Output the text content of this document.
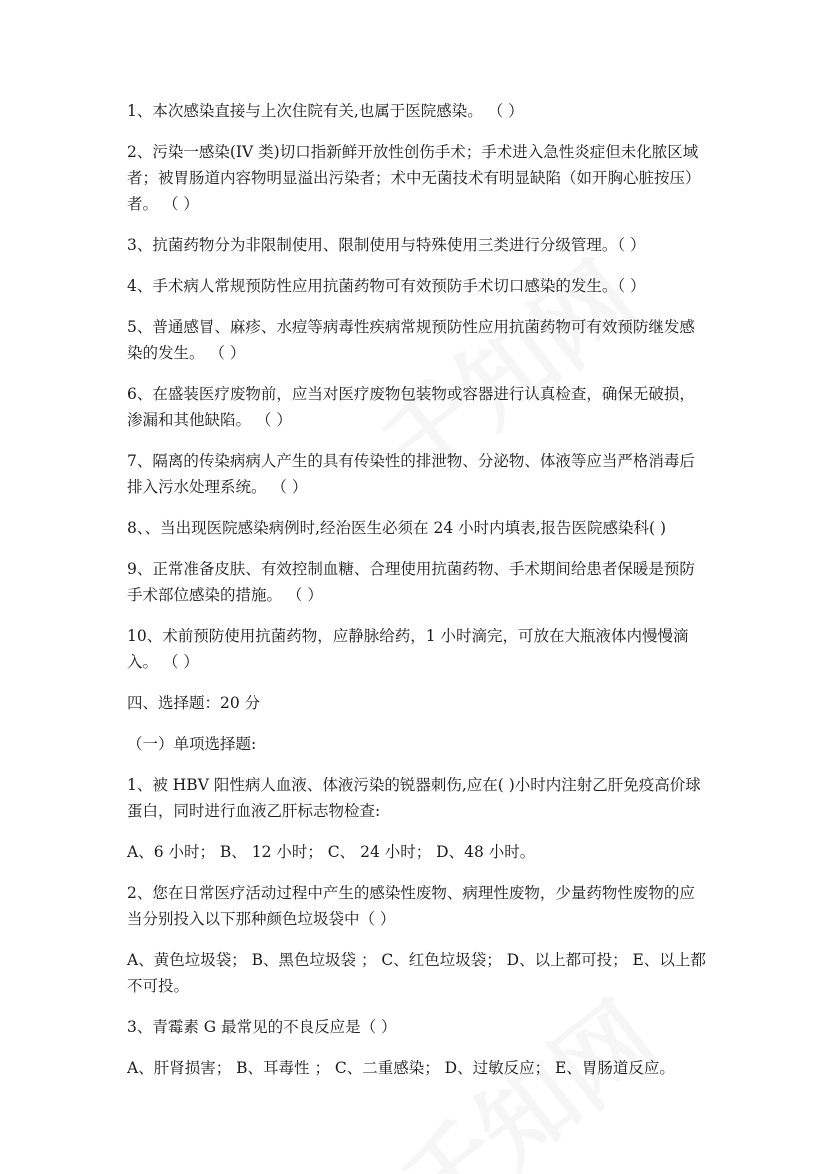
1、本次感染直接与上次住院有关,也属于医院感染。 （ ）

2、污染一感染(IV 类)切口指新鲜开放性创伤手术；手术进入急性炎症但未化脓区域者；被胃肠道内容物明显溢出污染者；术中无菌技术有明显缺陷（如开胸心脏按压）者。 （ ）

3、抗菌药物分为非限制使用、限制使用与特殊使用三类进行分级管理。（ ）

4、手术病人常规预防性应用抗菌药物可有效预防手术切口感染的发生。（ ）

5、普通感冒、麻疹、水痘等病毒性疾病常规预防性应用抗菌药物可有效预防继发感染的发生。 （ ）

6、在盛装医疗废物前，应当对医疗废物包装物或容器进行认真检查，确保无破损，渗漏和其他缺陷。 （ ）

7、隔离的传染病病人产生的具有传染性的排泄物、分泌物、体液等应当严格消毒后排入污水处理系统。 （ ）

8、、当出现医院感染病例时,经治医生必须在 24 小时内填表,报告医院感染科( )

9、正常准备皮肤、有效控制血糖、合理使用抗菌药物、手术期间给患者保暖是预防手术部位感染的措施。 （ ）

10、术前预防使用抗菌药物，应静脉给药，1 小时滴完，可放在大瓶液体内慢慢滴入。 （ ）

四、选择题：20 分

（一）单项选择题:

1、被 HBV 阳性病人血液、体液污染的锐器刺伤,应在( )小时内注射乙肝免疫高价球蛋白，同时进行血液乙肝标志物检查:

A、6 小时； B、 12 小时； C、 24 小时； D、48 小时。

2、您在日常医疗活动过程中产生的感染性废物、病理性废物，少量药物性废物的应当分别投入以下那种颜色垃圾袋中（ ）

A、黄色垃圾袋； B、黑色垃圾袋 ； C、红色垃圾袋； D、以上都可投； E、以上都不可投。

3、青霉素 G 最常见的不良反应是（ ）

A、肝肾损害； B、耳毒性 ； C、二重感染； D、过敏反应； E、胃肠道反应。
